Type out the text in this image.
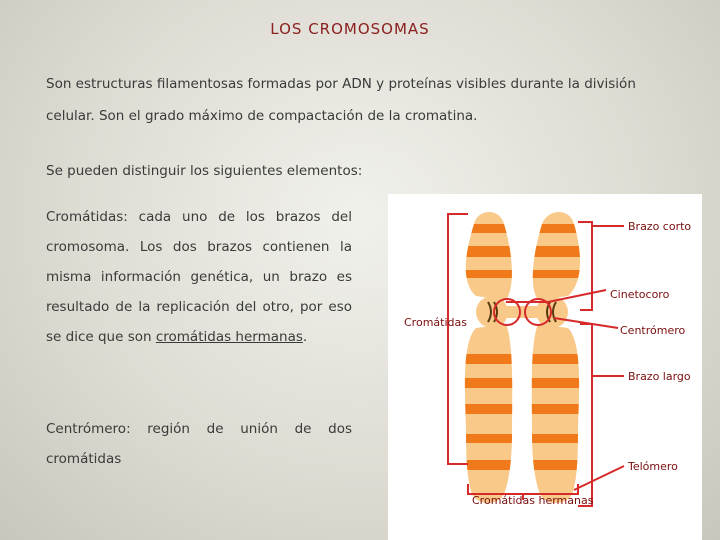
LOS CROMOSOMAS

Son estructuras filamentosas formadas por ADN y proteínas visibles durante la división celular. Son el grado máximo de compactación de la cromatina.

Se pueden distinguir los siguientes elementos:

Cromátidas: cada uno de los brazos del cromosoma. Los dos brazos contienen la misma información genética, un brazo es resultado de la replicación del otro, por eso se dice que son cromátidas hermanas.

Centrómero: región de unión de dos cromátidas

Brazo corto
Cinetocoro
Cromátidas
Centrómero
Brazo largo
Telómero
Cromátidas hermanas
